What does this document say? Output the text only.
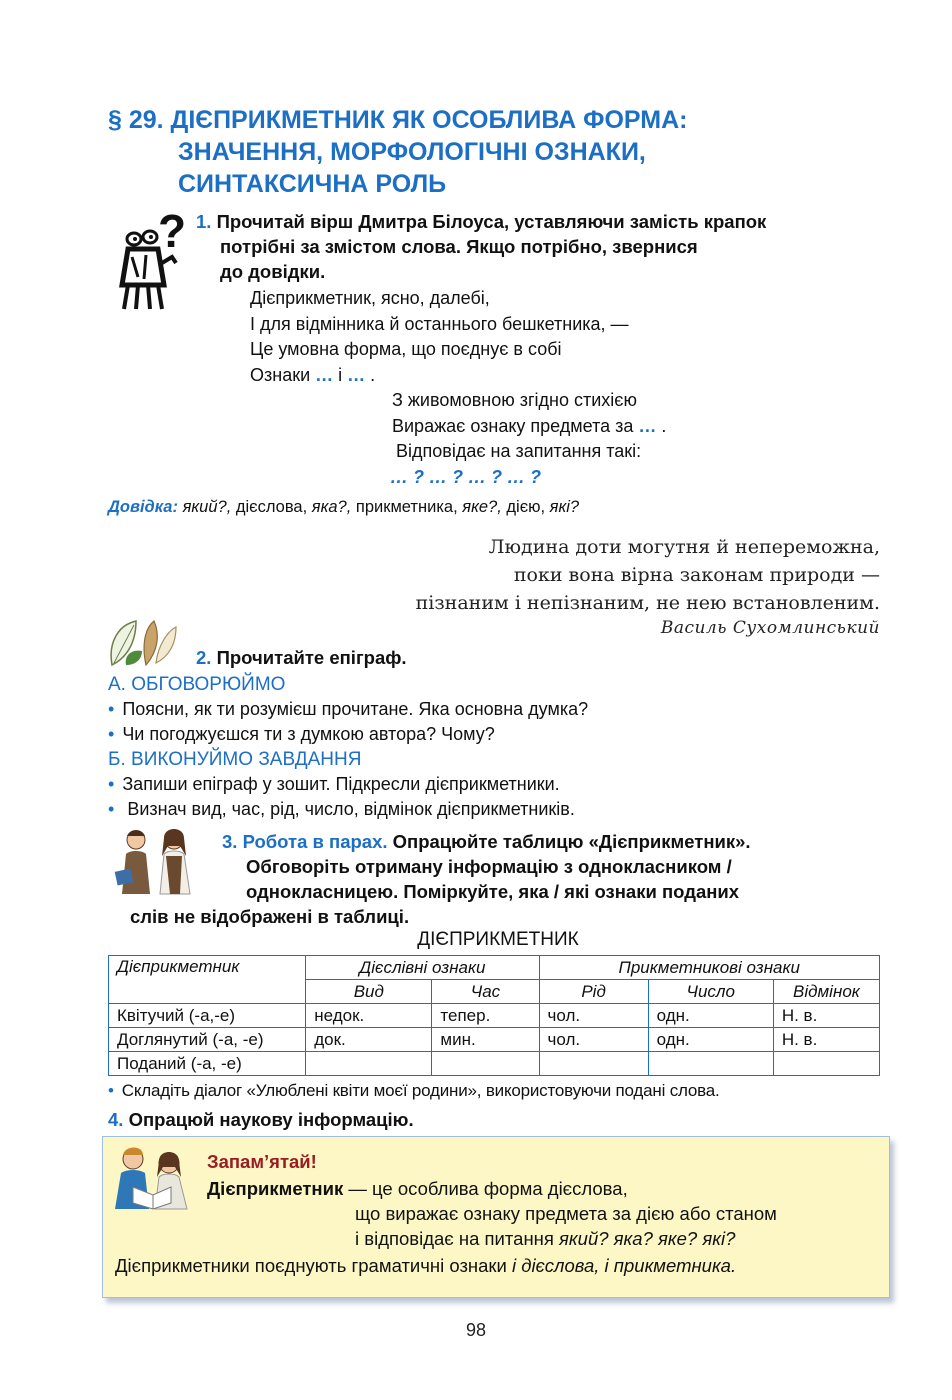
§ 29. ДІЄПРИКМЕТНИК ЯК ОСОБЛИВА ФОРМА:
ЗНАЧЕННЯ, МОРФОЛОГІЧНІ ОЗНАКИ,
СИНТАКСИЧНА РОЛЬ
? 1. Прочитай вірш Дмитра Білоуса, уставляючи замість крапок
потрібні за змістом слова. Якщо потрібно, звернися
до довідки.
Дієприкметник, ясно, далебі,
І для відмінника й останнього бешкетника, —
Це умовна форма, що поєднує в собі
Ознаки … і … .
З живомовною згідно стихією
Виражає ознаку предмета за … .
Відповідає на запитання такі:
… ? … ? … ? … ?
Довідка: який?, дієслова, яка?, прикметника, яке?, дією, які?
Людина доти могутня й непереможна,
поки вона вірна законам природи —
пізнаним і непізнаним, не нею встановленим.
Василь Сухомлинський
2. Прочитайте епіграф.
А. ОБГОВОРЮЙМО
• Поясни, як ти розумієш прочитане. Яка основна думка?
• Чи погоджуєшся ти з думкою автора? Чому?
Б. ВИКОНУЙМО ЗАВДАННЯ
• Запиши епіграф у зошит. Підкресли дієприкметники.
• Визнач вид, час, рід, число, відмінок дієприкметників.
3. Робота в парах. Опрацюйте таблицю «Дієприкметник».
Обговоріть отриману інформацію з однокласником /
однокласницею. Поміркуйте, яка / які ознаки поданих
слів не відображені в таблиці.
ДІЄПРИКМЕТНИК
Дієприкметник	Дієслівні ознаки		Прикметникові ознаки		
	Вид	Час	Рід	Число	Відмінок
Квітучий (-а,-е)	недок.	тепер.	чол.	одн.	Н. в.
Доглянутий (-а, -е)	док.	мин.	чол.	одн.	Н. в.
Поданий (-а, -е)					
• Складіть діалог «Улюблені квіти моєї родини», використовуючи подані слова.
4. Опрацюй наукову інформацію.
Запам’ятай!
Дієприкметник — це особлива форма дієслова,
що виражає ознаку предмета за дією або станом
і відповідає на питання який? яка? яке? які?
Дієприкметники поєднують граматичні ознаки і дієслова, і прикметника.
98
